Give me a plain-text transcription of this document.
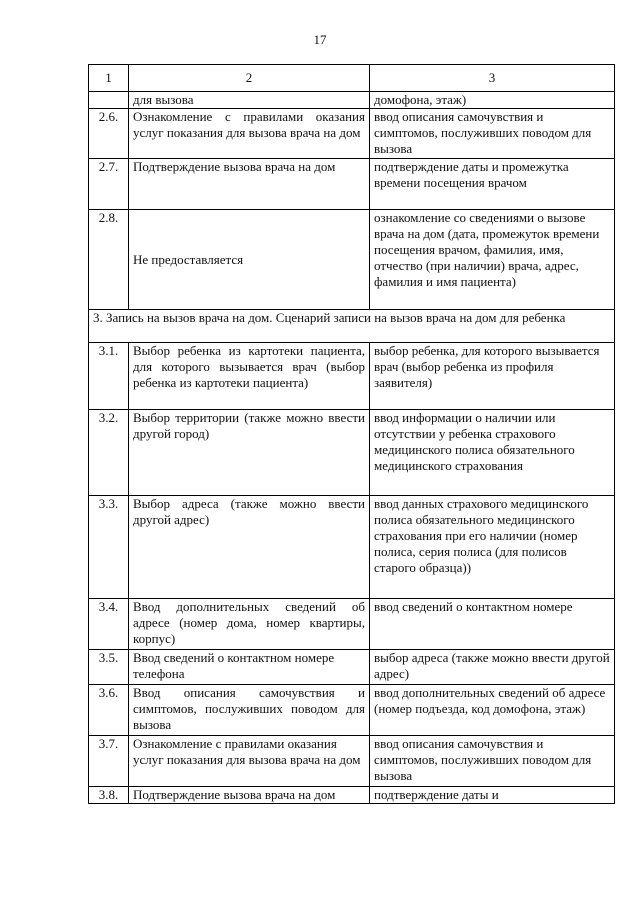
17
1	2	3
	для вызова	домофона, этаж)
2.6.	Ознакомление с правилами оказания услуг показания для вызова врача на дом	ввод описания самочувствия и симптомов, послуживших поводом для вызова
2.7.	Подтверждение вызова врача на дом	подтверждение даты и промежутка времени посещения врачом
2.8.	Не предоставляется	ознакомление со сведениями о вызове врача на дом (дата, промежуток времени посещения врачом, фамилия, имя, отчество (при наличии) врача, адрес, фамилия и имя пациента)
3. Запись на вызов врача на дом. Сценарий записи на вызов врача на дом для ребенка		
3.1.	Выбор ребенка из картотеки пациента, для которого вызывается врач (выбор ребенка из картотеки пациента)	выбор ребенка, для которого вызывается врач (выбор ребенка из профиля заявителя)
3.2.	Выбор территории (также можно ввести другой город)	ввод информации о наличии или отсутствии у ребенка страхового медицинского полиса обязательного медицинского страхования
3.3.	Выбор адреса (также можно ввести другой адрес)	ввод данных страхового медицинского полиса обязательного медицинского страхования при его наличии (номер полиса, серия полиса (для полисов старого образца))
3.4.	Ввод дополнительных сведений об адресе (номер дома, номер квартиры, корпус)	ввод сведений о контактном номере
3.5.	Ввод сведений о контактном номере телефона	выбор адреса (также можно ввести другой адрес)
3.6.	Ввод описания самочувствия и симптомов, послуживших поводом для вызова	ввод дополнительных сведений об адресе (номер подъезда, код домофона, этаж)
3.7.	Ознакомление с правилами оказания услуг показания для вызова врача на дом	ввод описания самочувствия и симптомов, послуживших поводом для вызова
3.8.	Подтверждение вызова врача на дом	подтверждение даты и
